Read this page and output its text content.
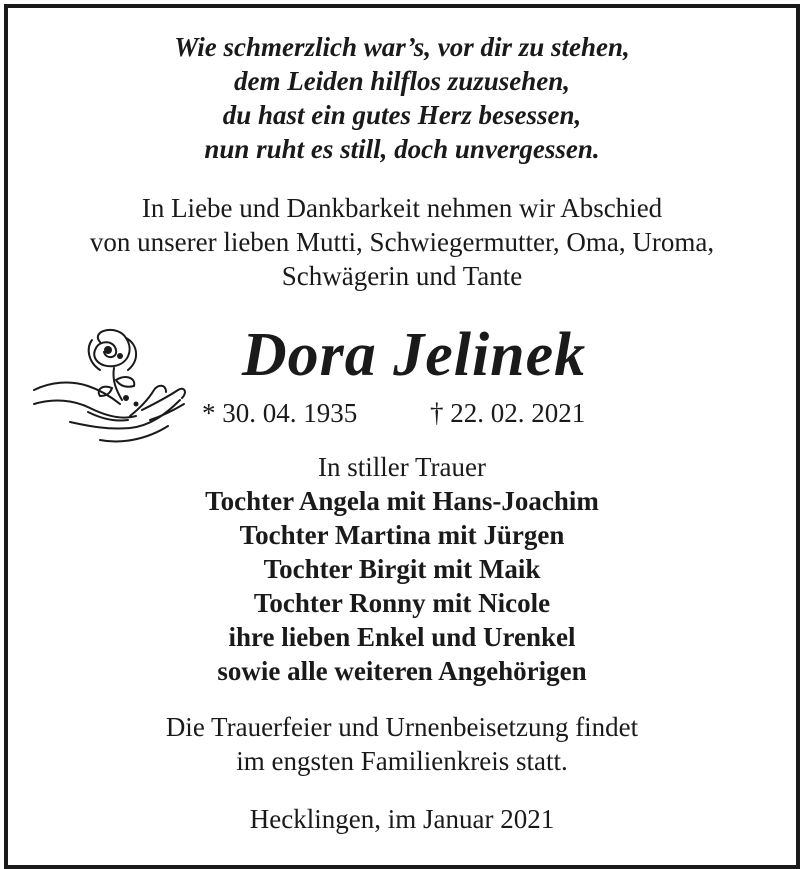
Wie schmerzlich war’s, vor dir zu stehen,
dem Leiden hilflos zuzusehen,
du hast ein gutes Herz besessen,
nun ruht es still, doch unvergessen.
In Liebe und Dankbarkeit nehmen wir Abschied
von unserer lieben Mutti, Schwiegermutter, Oma, Uroma,
Schwägerin und Tante
Dora Jelinek
* 30. 04. 1935	† 22. 02. 2021
In stiller Trauer
Tochter Angela mit Hans-Joachim
Tochter Martina mit Jürgen
Tochter Birgit mit Maik
Tochter Ronny mit Nicole
ihre lieben Enkel und Urenkel
sowie alle weiteren Angehörigen
Die Trauerfeier und Urnenbeisetzung findet
im engsten Familienkreis statt.
Hecklingen, im Januar 2021
